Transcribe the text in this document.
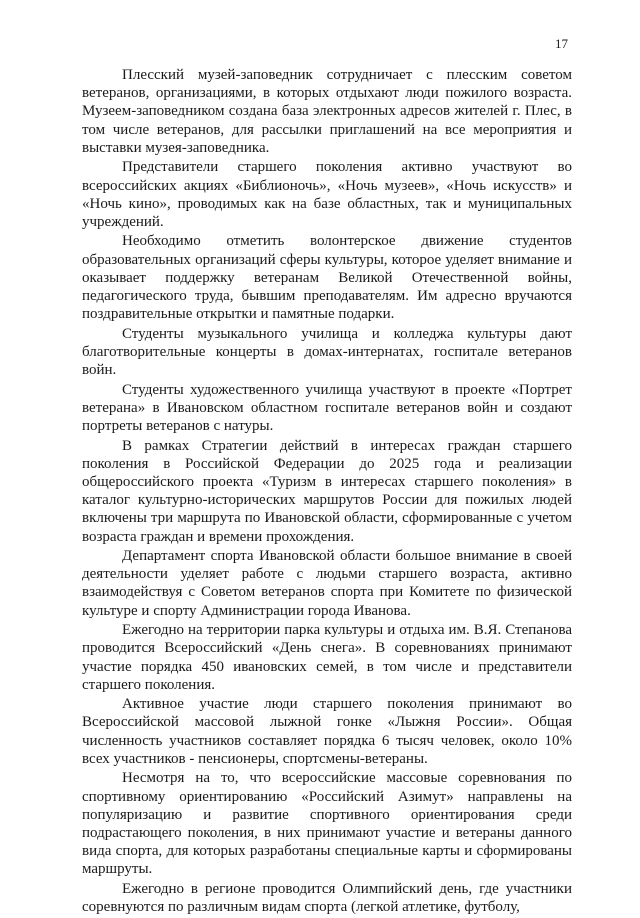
17

Плесский музей-заповедник сотрудничает с плесским советом ветеранов, организациями, в которых отдыхают люди пожилого возраста. Музеем-заповедником создана база электронных адресов жителей г. Плес, в том числе ветеранов, для рассылки приглашений на все мероприятия и выставки музея-заповедника.

Представители старшего поколения активно участвуют во всероссийских акциях «Библионочь», «Ночь музеев», «Ночь искусств» и «Ночь кино», проводимых как на базе областных, так и муниципальных учреждений.

Необходимо отметить волонтерское движение студентов образовательных организаций сферы культуры, которое уделяет внимание и оказывает поддержку ветеранам Великой Отечественной войны, педагогического труда, бывшим преподавателям. Им адресно вручаются поздравительные открытки и памятные подарки.

Студенты музыкального училища и колледжа культуры дают благотворительные концерты в домах-интернатах, госпитале ветеранов войн.

Студенты художественного училища участвуют в проекте «Портрет ветерана» в Ивановском областном госпитале ветеранов войн и создают портреты ветеранов с натуры.

В рамках Стратегии действий в интересах граждан старшего поколения в Российской Федерации до 2025 года и реализации общероссийского проекта «Туризм в интересах старшего поколения» в каталог культурно-исторических маршрутов России для пожилых людей включены три маршрута по Ивановской области, сформированные с учетом возраста граждан и времени прохождения.

Департамент спорта Ивановской области большое внимание в своей деятельности уделяет работе с людьми старшего возраста, активно взаимодействуя с Советом ветеранов спорта при Комитете по физической культуре и спорту Администрации города Иванова.

Ежегодно на территории парка культуры и отдыха им. В.Я. Степанова проводится Всероссийский «День снега». В соревнованиях принимают участие порядка 450 ивановских семей, в том числе и представители старшего поколения.

Активное участие люди старшего поколения принимают во Всероссийской массовой лыжной гонке «Лыжня России». Общая численность участников составляет порядка 6 тысяч человек, около 10% всех участников - пенсионеры, спортсмены-ветераны.

Несмотря на то, что всероссийские массовые соревнования по спортивному ориентированию «Российский Азимут» направлены на популяризацию и развитие спортивного ориентирования среди подрастающего поколения, в них принимают участие и ветераны данного вида спорта, для которых разработаны специальные карты и сформированы маршруты.

Ежегодно в регионе проводится Олимпийский день, где участники соревнуются по различным видам спорта (легкой атлетике, футболу,
